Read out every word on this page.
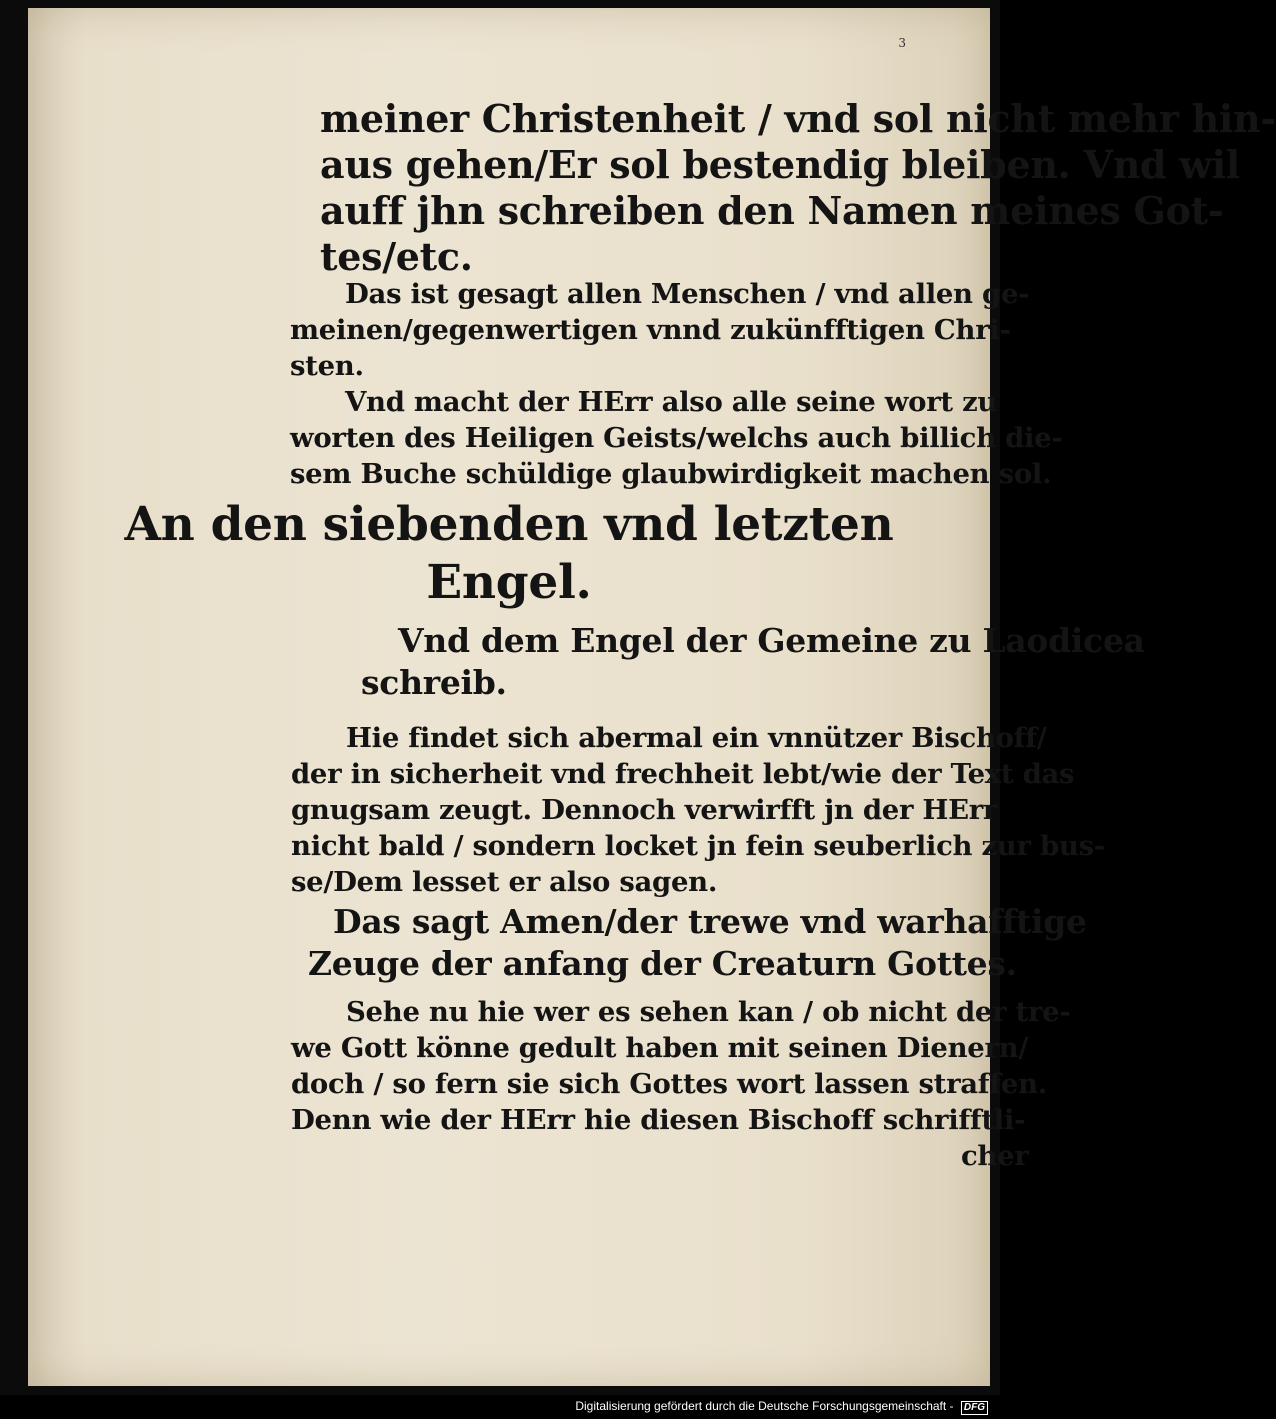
3
meiner Christenheit / vnd sol nicht mehr hin-
aus gehen/Er sol bestendig bleiben. Vnd wil
auff jhn schreiben den Namen meines Got-
tes/etc.
Das ist gesagt allen Menschen / vnd allen ge-
meinen/gegenwertigen vnnd zukünfftigen Chri-
sten.
Vnd macht der HErr also alle seine wort zu
worten des Heiligen Geists/welchs auch billich die-
sem Buche schüldige glaubwirdigkeit machen sol.
An den siebenden vnd letzten
Engel.
Vnd dem Engel der Gemeine zu Laodicea
schreib.
Hie findet sich abermal ein vnnützer Bischoff/
der in sicherheit vnd frechheit lebt/wie der Text das
gnugsam zeugt. Dennoch verwirfft jn der HErr
nicht bald / sondern locket jn fein seuberlich zur bus-
se/Dem lesset er also sagen.
Das sagt Amen/der trewe vnd warhafftige
Zeuge der anfang der Creaturn Gottes.
Sehe nu hie wer es sehen kan / ob nicht der tre-
we Gott könne gedult haben mit seinen Dienern/
doch / so fern sie sich Gottes wort lassen straffen.
Denn wie der HErr hie diesen Bischoff schrifftli-
cher
Digitalisierung gefördert durch die Deutsche Forschungsgemeinschaft - DFG
